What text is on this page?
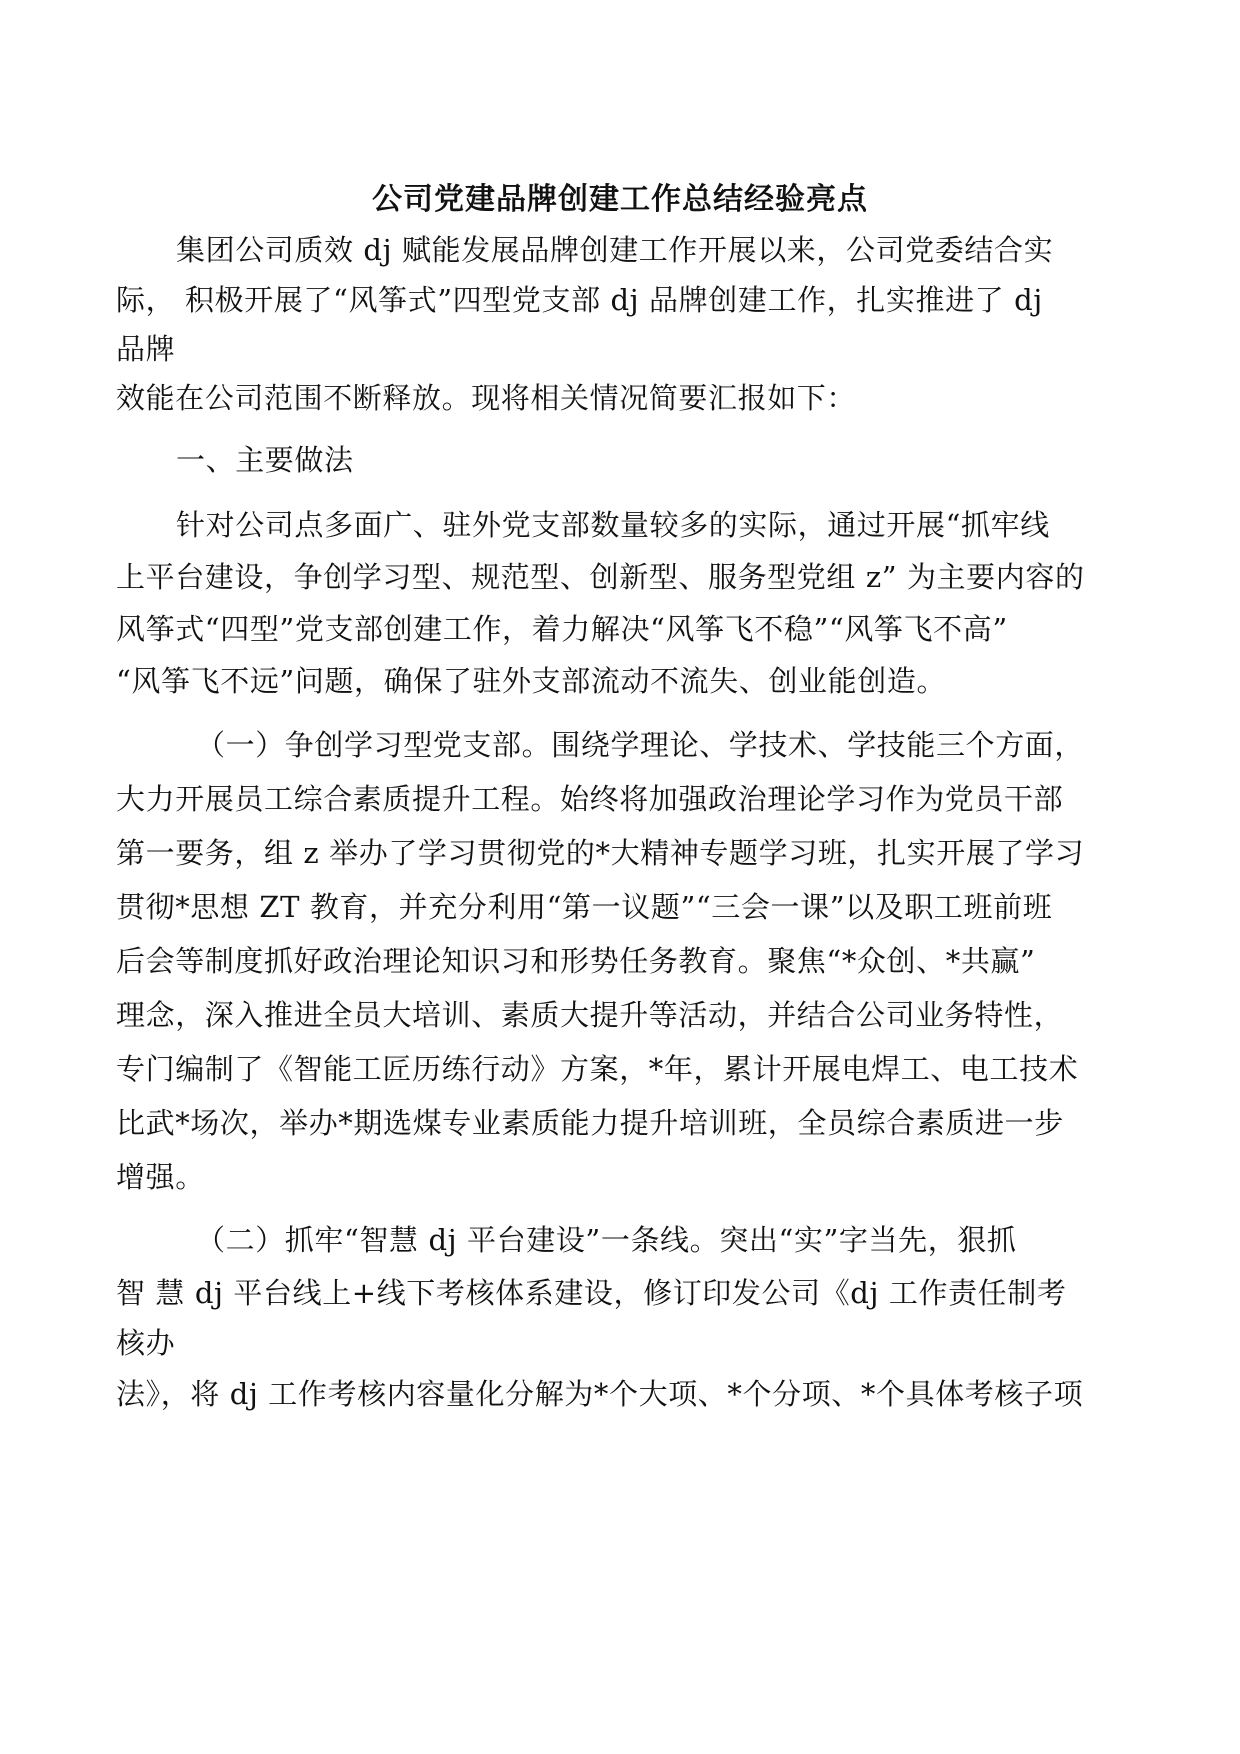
公司党建品牌创建工作总结经验亮点
集团公司质效 dj 赋能发展品牌创建工作开展以来，公司党委结合实
际， 积极开展了“风筝式”四型党支部 dj 品牌创建工作，扎实推进了 dj
品牌
效能在公司范围不断释放。现将相关情况简要汇报如下：
一、主要做法
针对公司点多面广、驻外党支部数量较多的实际，通过开展“抓牢线
上平台建设，争创学习型、规范型、创新型、服务型党组 z” 为主要内容的
风筝式“四型”党支部创建工作，着力解决“风筝飞不稳”“风筝飞不高”
“风筝飞不远”问题，确保了驻外支部流动不流失、创业能创造。
（一）争创学习型党支部。围绕学理论、学技术、学技能三个方面，
大力开展员工综合素质提升工程。始终将加强政治理论学习作为党员干部
第一要务，组 z 举办了学习贯彻党的*大精神专题学习班，扎实开展了学习
贯彻*思想 ZT 教育，并充分利用“第一议题”“三会一课”以及职工班前班
后会等制度抓好政治理论知识习和形势任务教育。聚焦“*众创、*共赢”
理念，深入推进全员大培训、素质大提升等活动，并结合公司业务特性，
专门编制了《智能工匠历练行动》方案，*年，累计开展电焊工、电工技术
比武*场次，举办*期选煤专业素质能力提升培训班，全员综合素质进一步
增强。
（二）抓牢“智慧 dj 平台建设”一条线。突出“实”字当先，狠抓
智 慧 dj 平台线上+线下考核体系建设，修订印发公司《dj 工作责任制考
核办
法》，将 dj 工作考核内容量化分解为*个大项、*个分项、*个具体考核子项
